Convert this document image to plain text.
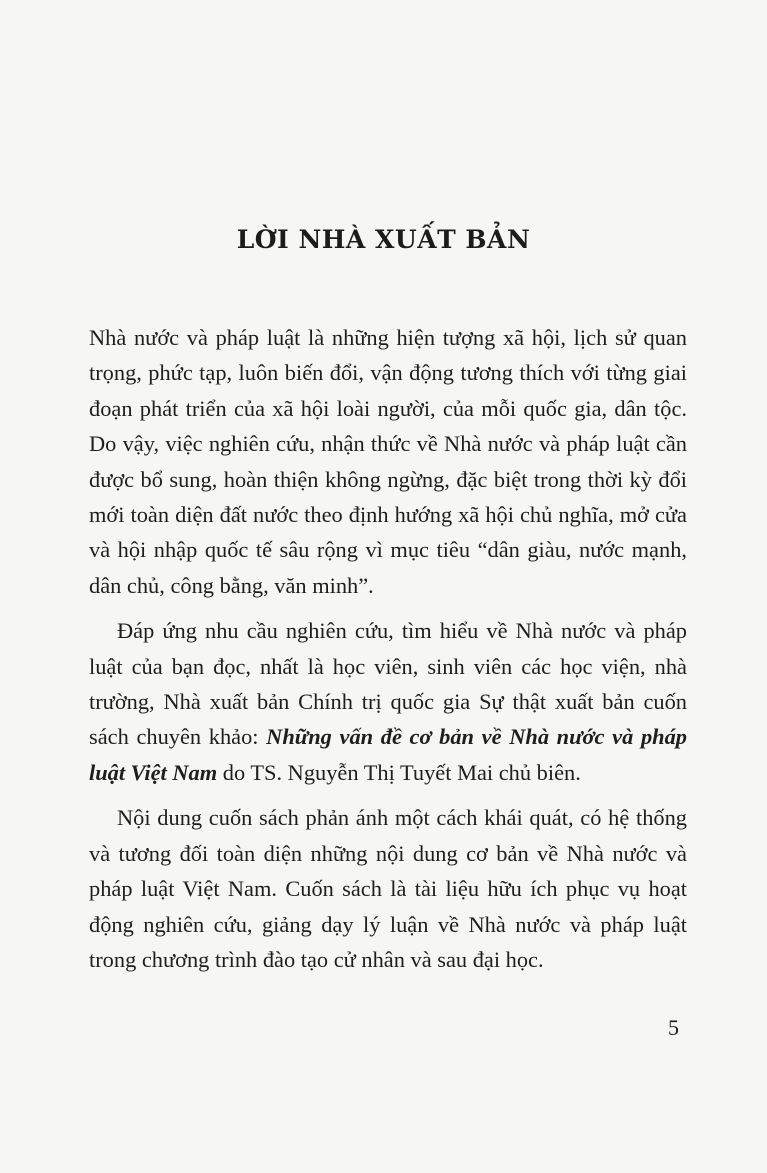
LỜI NHÀ XUẤT BẢN

Nhà nước và pháp luật là những hiện tượng xã hội, lịch sử quan trọng, phức tạp, luôn biến đổi, vận động tương thích với từng giai đoạn phát triển của xã hội loài người, của mỗi quốc gia, dân tộc. Do vậy, việc nghiên cứu, nhận thức về Nhà nước và pháp luật cần được bổ sung, hoàn thiện không ngừng, đặc biệt trong thời kỳ đổi mới toàn diện đất nước theo định hướng xã hội chủ nghĩa, mở cửa và hội nhập quốc tế sâu rộng vì mục tiêu “dân giàu, nước mạnh, dân chủ, công bằng, văn minh”.

Đáp ứng nhu cầu nghiên cứu, tìm hiểu về Nhà nước và pháp luật của bạn đọc, nhất là học viên, sinh viên các học viện, nhà trường, Nhà xuất bản Chính trị quốc gia Sự thật xuất bản cuốn sách chuyên khảo: Những vấn đề cơ bản về Nhà nước và pháp luật Việt Nam do TS. Nguyễn Thị Tuyết Mai chủ biên.

Nội dung cuốn sách phản ánh một cách khái quát, có hệ thống và tương đối toàn diện những nội dung cơ bản về Nhà nước và pháp luật Việt Nam. Cuốn sách là tài liệu hữu ích phục vụ hoạt động nghiên cứu, giảng dạy lý luận về Nhà nước và pháp luật trong chương trình đào tạo cử nhân và sau đại học.

5
